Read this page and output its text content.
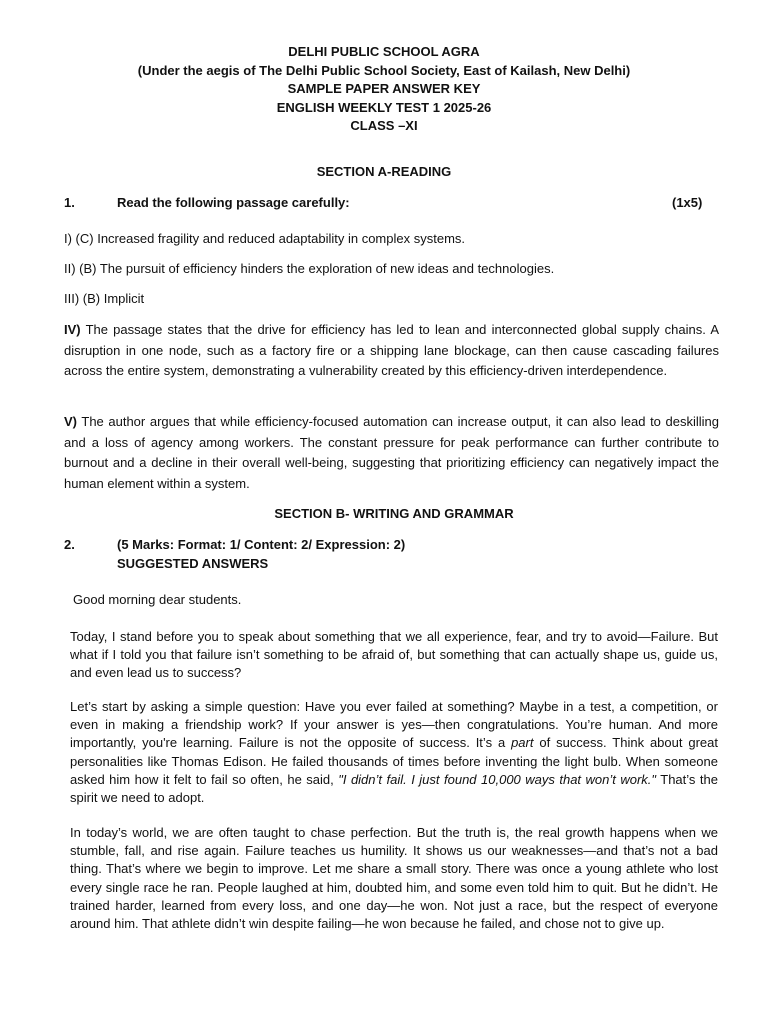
DELHI PUBLIC SCHOOL AGRA
(Under the aegis of The Delhi Public School Society, East of Kailash, New Delhi)
SAMPLE PAPER ANSWER KEY
ENGLISH WEEKLY TEST 1 2025-26
CLASS –XI
SECTION A-READING
1.	Read the following passage carefully:	(1x5)
I) (C) Increased fragility and reduced adaptability in complex systems.
II) (B) The pursuit of efficiency hinders the exploration of new ideas and technologies.
III) (B) Implicit
IV) The passage states that the drive for efficiency has led to lean and interconnected global supply chains. A disruption in one node, such as a factory fire or a shipping lane blockage, can then cause cascading failures across the entire system, demonstrating a vulnerability created by this efficiency-driven interdependence.
V) The author argues that while efficiency-focused automation can increase output, it can also lead to deskilling and a loss of agency among workers. The constant pressure for peak performance can further contribute to burnout and a decline in their overall well-being, suggesting that prioritizing efficiency can negatively impact the human element within a system.
SECTION B- WRITING AND GRAMMAR
2.	(5 Marks: Format: 1/ Content: 2/ Expression: 2)
SUGGESTED ANSWERS
Good morning dear students.
Today, I stand before you to speak about something that we all experience, fear, and try to avoid—Failure. But what if I told you that failure isn’t something to be afraid of, but something that can actually shape us, guide us, and even lead us to success?
Let’s start by asking a simple question: Have you ever failed at something? Maybe in a test, a competition, or even in making a friendship work? If your answer is yes—then congratulations. You’re human. And more importantly, you're learning. Failure is not the opposite of success. It’s a part of success. Think about great personalities like Thomas Edison. He failed thousands of times before inventing the light bulb. When someone asked him how it felt to fail so often, he said, "I didn’t fail. I just found 10,000 ways that won’t work." That’s the spirit we need to adopt.
In today’s world, we are often taught to chase perfection. But the truth is, the real growth happens when we stumble, fall, and rise again. Failure teaches us humility. It shows us our weaknesses—and that’s not a bad thing. That’s where we begin to improve. Let me share a small story. There was once a young athlete who lost every single race he ran. People laughed at him, doubted him, and some even told him to quit. But he didn’t. He trained harder, learned from every loss, and one day—he won. Not just a race, but the respect of everyone around him. That athlete didn’t win despite failing—he won because he failed, and chose not to give up.
